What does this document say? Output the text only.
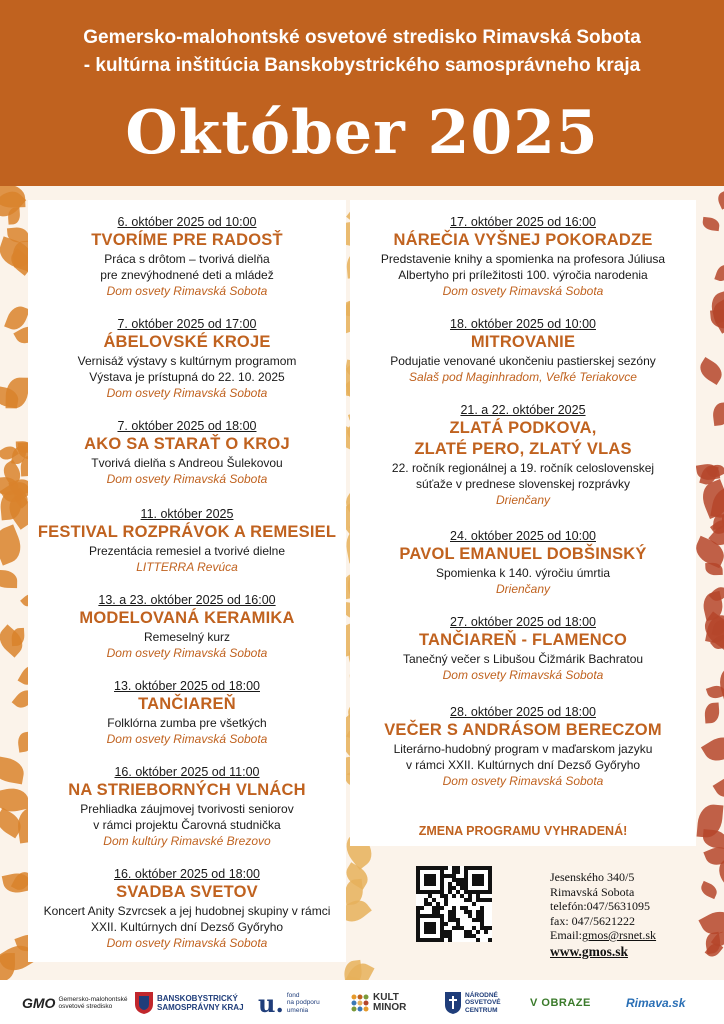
Gemersko-malohontské osvetové stredisko Rimavská Sobota
- kultúrna inštitúcia Banskobystrického samosprávneho kraja
Október 2025
6. október 2025 od 10:00
TVORÍME PRE RADOSŤ
Práca s drôtom – tvorivá dielňa
pre znevýhodnené deti a mládež
Dom osvety Rimavská Sobota
7. október 2025 od 17:00
ÁBELOVSKÉ KROJE
Vernisáž výstavy s kultúrnym programom
Výstava je prístupná do 22. 10. 2025
Dom osvety Rimavská Sobota
7. október 2025 od 18:00
AKO SA STARAŤ O KROJ
Tvorivá dielňa s Andreou Šulekovou
Dom osvety Rimavská Sobota
11. október 2025
FESTIVAL ROZPRÁVOK A REMESIEL
Prezentácia remesiel a tvorivé dielne
LITTERRA Revúca
13. a 23. október 2025 od 16:00
MODELOVANÁ KERAMIKA
Remeselný kurz
Dom osvety Rimavská Sobota
13. október 2025 od 18:00
TANČIAREŇ
Folklórna zumba pre všetkých
Dom osvety Rimavská Sobota
16. október 2025 od 11:00
NA STRIEBORNÝCH VLNÁCH
Prehliadka záujmovej tvorivosti seniorov
v rámci projektu Čarovná studnička
Dom kultúry Rimavské Brezovo
16. október 2025 od 18:00
SVADBA SVETOV
Koncert Anity Szvrcsek a jej hudobnej skupiny v rámci
XXII. Kultúrnych dní Dezső Győryho
Dom osvety Rimavská Sobota
17. október 2025 od 16:00
NÁREČIA VYŠNEJ POKORADZE
Predstavenie knihy a spomienka na profesora Júliusa
Albertyho pri príležitosti 100. výročia narodenia
Dom osvety Rimavská Sobota
18. október 2025 od 10:00
MITROVANIE
Podujatie venované ukončeniu pastierskej sezóny
Salaš pod Maginhradom, Veľké Teriakovce
21. a 22. október 2025
ZLATÁ PODKOVA,
ZLATÉ PERO, ZLATÝ VLAS
22. ročník regionálnej a 19. ročník celoslovenskej
súťaže v prednese slovenskej rozprávky
Drienčany
24. október 2025 od 10:00
PAVOL EMANUEL DOBŠINSKÝ
Spomienka k 140. výročiu úmrtia
Drienčany
27. október 2025 od 18:00
TANČIAREŇ - FLAMENCO
Tanečný večer s Libušou Čižmárik Bachratou
Dom osvety Rimavská Sobota
28. október 2025 od 18:00
VEČER S ANDRÁSOM BERECZOM
Literárno-hudobný program v maďarskom jazyku
v rámci XXII. Kultúrnych dní Dezső Győryho
Dom osvety Rimavská Sobota
ZMENA PROGRAMU VYHRADENÁ!
Jesenského 340/5
Rimavská Sobota
telefón:047/5631095
fax: 047/5621222
Email:gmos@rsnet.sk
www.gmos.sk
GMO Gemersko-malohontské
osvetové stredisko
BANSKOBYSTRICKÝ
SAMOSPRÁVNY KRAJ u. fond
na podporu
umenia
KULT
MINOR
NÁRODNÉ
OSVETOVÉ
CENTRUM
V OBRAZE	Rimava.sk
